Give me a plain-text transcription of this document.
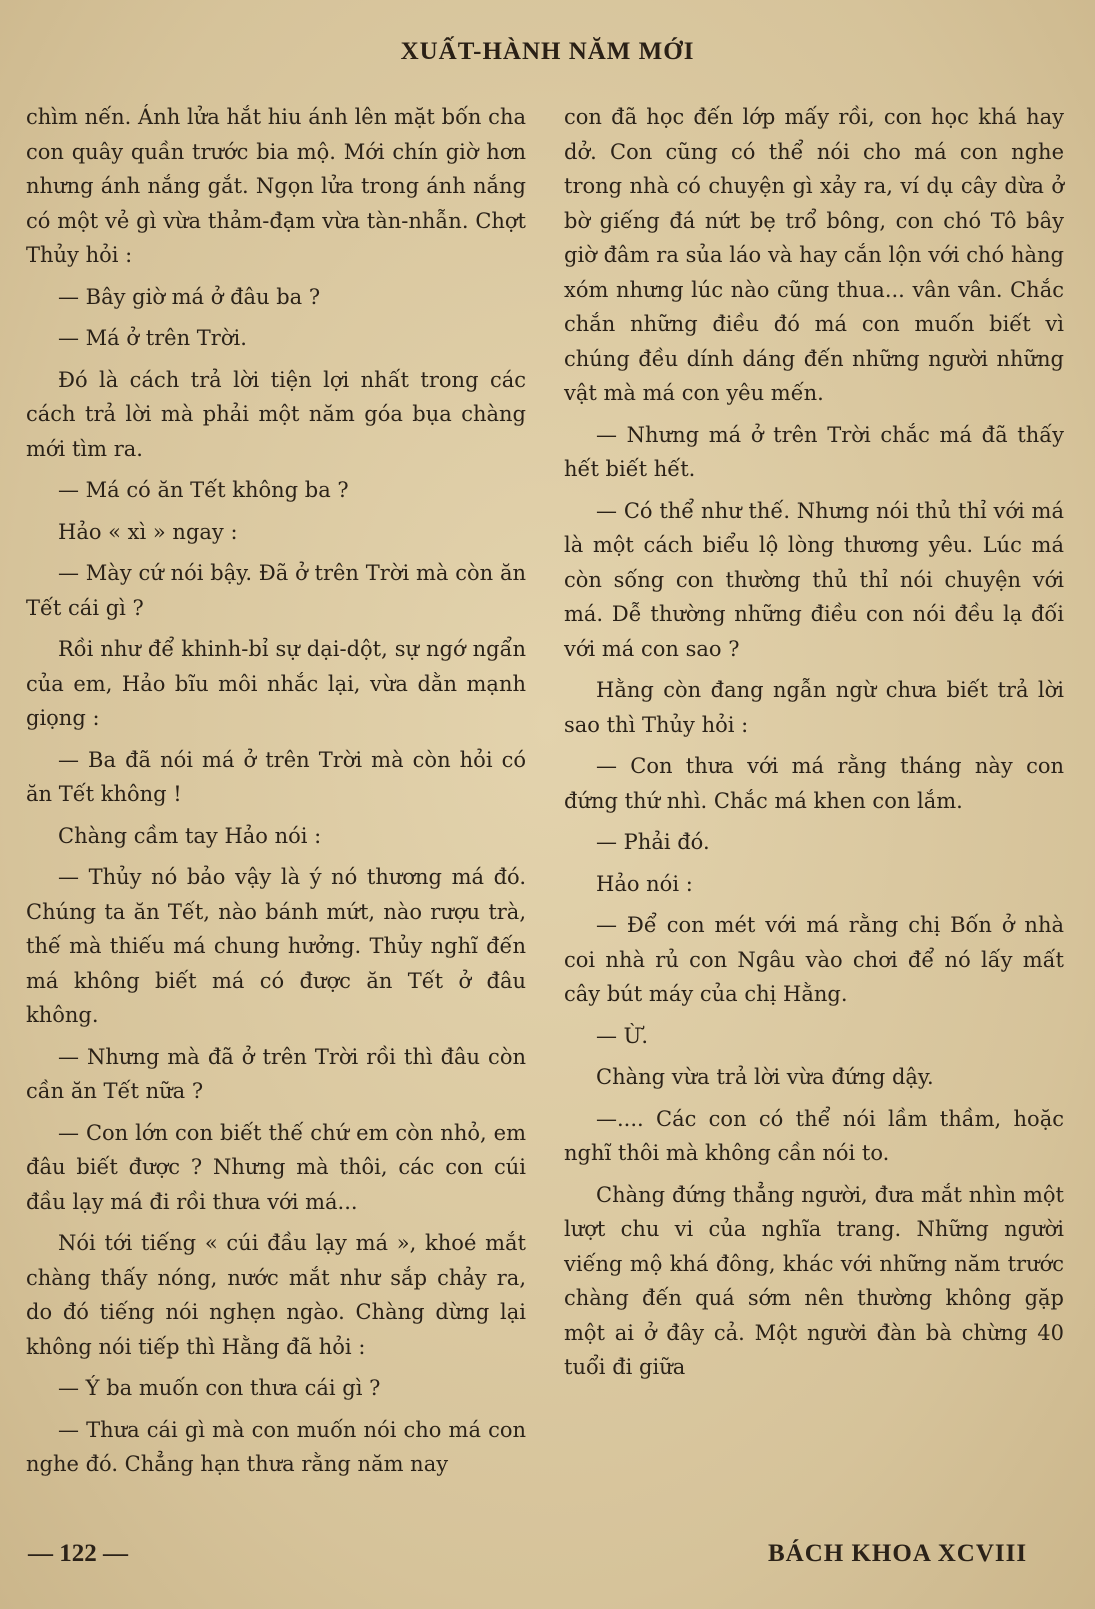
XUẤT-HÀNH NĂM MỚI

chìm nến. Ánh lửa hắt hiu ánh lên mặt bốn cha con quây quần trước bia mộ. Mới chín giờ hơn nhưng ánh nắng gắt. Ngọn lửa trong ánh nắng có một vẻ gì vừa thảm-đạm vừa tàn-nhẫn. Chợt Thủy hỏi :

— Bây giờ má ở đâu ba ?

— Má ở trên Trời.

Đó là cách trả lời tiện lợi nhất trong các cách trả lời mà phải một năm góa bụa chàng mới tìm ra.

— Má có ăn Tết không ba ?

Hảo « xì » ngay :

— Mày cứ nói bậy. Đã ở trên Trời mà còn ăn Tết cái gì ?

Rồi như để khinh-bỉ sự dại-dột, sự ngớ ngẩn của em, Hảo bĩu môi nhắc lại, vừa dằn mạnh giọng :

— Ba đã nói má ở trên Trời mà còn hỏi có ăn Tết không !

Chàng cầm tay Hảo nói :

— Thủy nó bảo vậy là ý nó thương má đó. Chúng ta ăn Tết, nào bánh mứt, nào rượu trà, thế mà thiếu má chung hưởng. Thủy nghĩ đến má không biết má có được ăn Tết ở đâu không.

— Nhưng mà đã ở trên Trời rồi thì đâu còn cần ăn Tết nữa ?

— Con lớn con biết thế chứ em còn nhỏ, em đâu biết được ? Nhưng mà thôi, các con cúi đầu lạy má đi rồi thưa với má...

Nói tới tiếng « cúi đầu lạy má », khoé mắt chàng thấy nóng, nước mắt như sắp chảy ra, do đó tiếng nói nghẹn ngào. Chàng dừng lại không nói tiếp thì Hằng đã hỏi :

— Ý ba muốn con thưa cái gì ?

— Thưa cái gì mà con muốn nói cho má con nghe đó. Chẳng hạn thưa rằng năm nay

con đã học đến lớp mấy rồi, con học khá hay dở. Con cũng có thể nói cho má con nghe trong nhà có chuyện gì xảy ra, ví dụ cây dừa ở bờ giếng đá nứt bẹ trổ bông, con chó Tô bây giờ đâm ra sủa láo và hay cắn lộn với chó hàng xóm nhưng lúc nào cũng thua... vân vân. Chắc chắn những điều đó má con muốn biết vì chúng đều dính dáng đến những người những vật mà má con yêu mến.

— Nhưng má ở trên Trời chắc má đã thấy hết biết hết.

— Có thể như thế. Nhưng nói thủ thỉ với má là một cách biểu lộ lòng thương yêu. Lúc má còn sống con thường thủ thỉ nói chuyện với má. Dễ thường những điều con nói đều lạ đối với má con sao ?

Hằng còn đang ngẫn ngừ chưa biết trả lời sao thì Thủy hỏi :

— Con thưa với má rằng tháng này con đứng thứ nhì. Chắc má khen con lắm.

— Phải đó.

Hảo nói :

— Để con mét với má rằng chị Bốn ở nhà coi nhà rủ con Ngâu vào chơi để nó lấy mất cây bút máy của chị Hằng.

— Ừ.

Chàng vừa trả lời vừa đứng dậy.

—.... Các con có thể nói lầm thầm, hoặc nghĩ thôi mà không cần nói to.

Chàng đứng thẳng người, đưa mắt nhìn một lượt chu vi của nghĩa trang. Những người viếng mộ khá đông, khác với những năm trước chàng đến quá sớm nên thường không gặp một ai ở đây cả. Một người đàn bà chừng 40 tuổi đi giữa

— 122 —	BÁCH KHOA XCVIII
